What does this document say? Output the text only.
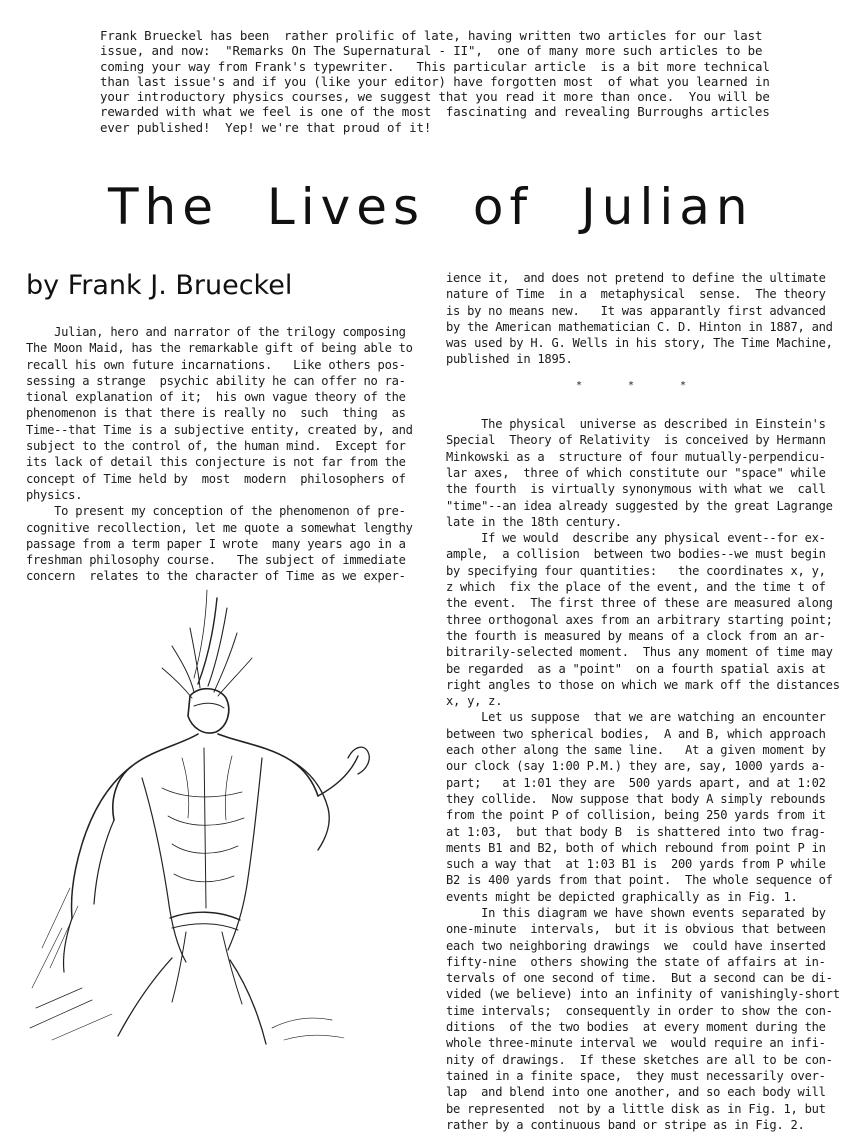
Frank Brueckel has been  rather prolific of late, having written two articles for our last
issue, and now:  "Remarks On The Supernatural - II",  one of many more such articles to be
coming your way from Frank's typewriter.   This particular article  is a bit more technical
than last issue's and if you (like your editor) have forgotten most  of what you learned in
your introductory physics courses, we suggest that you read it more than once.  You will be
rewarded with what we feel is one of the most  fascinating and revealing Burroughs articles
ever published!  Yep! we're that proud of it!
The Lives of Julian
by Frank J. Brueckel
Julian, hero and narrator of the trilogy composing
The Moon Maid, has the remarkable gift of being able to
recall his own future incarnations.   Like others pos-
sessing a strange  psychic ability he can offer no ra-
tional explanation of it;  his own vague theory of the
phenomenon is that there is really no  such  thing  as
Time--that Time is a subjective entity, created by, and
subject to the control of, the human mind.  Except for
its lack of detail this conjecture is not far from the
concept of Time held by  most  modern  philosophers of
physics.
To present my conception of the phenomenon of pre-
cognitive recollection, let me quote a somewhat lengthy
passage from a term paper I wrote  many years ago in a
freshman philosophy course.   The subject of immediate
concern  relates to the character of Time as we exper-
ience it,  and does not pretend to define the ultimate
nature of Time  in a  metaphysical  sense.  The theory
is by no means new.   It was apparantly first advanced
by the American mathematician C. D. Hinton in 1887, and
was used by H. G. Wells in his story, The Time Machine,
published in 1895.
* * *
The physical  universe as described in Einstein's
Special  Theory of Relativity  is conceived by Hermann
Minkowski as a  structure of four mutually-perpendicu-
lar axes,  three of which constitute our "space" while
the fourth  is virtually synonymous with what we  call
"time"--an idea already suggested by the great Lagrange
late in the 18th century.
If we would  describe any physical event--for ex-
ample,  a collision  between two bodies--we must begin
by specifying four quantities:   the coordinates x, y,
z which  fix the place of the event, and the time t of
the event.  The first three of these are measured along
three orthogonal axes from an arbitrary starting point;
the fourth is measured by means of a clock from an ar-
bitrarily-selected moment.  Thus any moment of time may
be regarded  as a "point"  on a fourth spatial axis at
right angles to those on which we mark off the distances
x, y, z.
Let us suppose  that we are watching an encounter
between two spherical bodies,  A and B, which approach
each other along the same line.   At a given moment by
our clock (say 1:00 P.M.) they are, say, 1000 yards a-
part;   at 1:01 they are  500 yards apart, and at 1:02
they collide.  Now suppose that body A simply rebounds
from the point P of collision, being 250 yards from it
at 1:03,  but that body B  is shattered into two frag-
ments B1 and B2, both of which rebound from point P in
such a way that  at 1:03 B1 is  200 yards from P while
B2 is 400 yards from that point.  The whole sequence of
events might be depicted graphically as in Fig. 1.
In this diagram we have shown events separated by
one-minute  intervals,  but it is obvious that between
each two neighboring drawings  we  could have inserted
fifty-nine  others showing the state of affairs at in-
tervals of one second of time.  But a second can be di-
vided (we believe) into an infinity of vanishingly-short
time intervals;  consequently in order to show the con-
ditions  of the two bodies  at every moment during the
whole three-minute interval we  would require an infi-
nity of drawings.  If these sketches are all to be con-
tained in a finite space,  they must necessarily over-
lap  and blend into one another, and so each body will
be represented  not by a little disk as in Fig. 1, but
rather by a continuous band or stripe as in Fig. 2.
